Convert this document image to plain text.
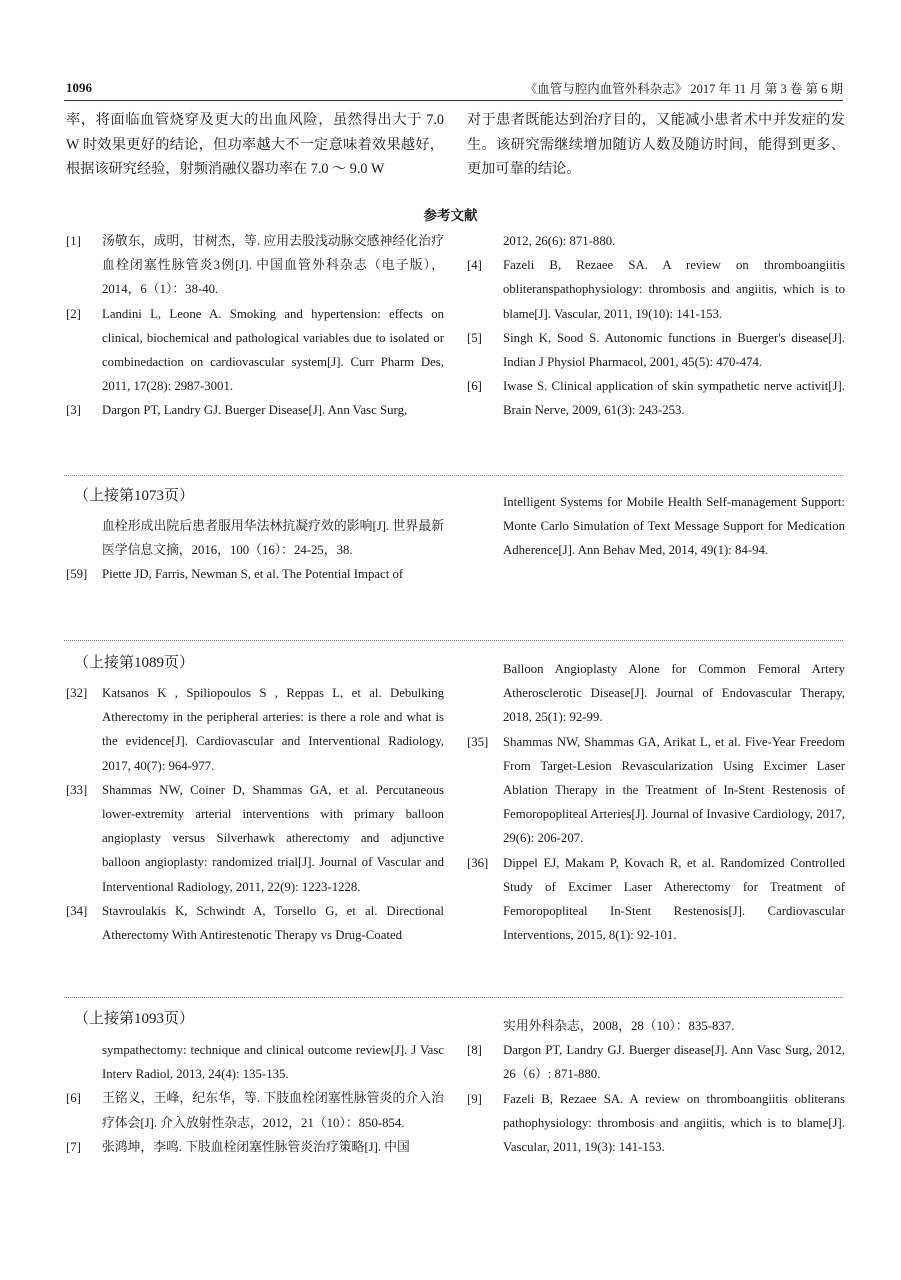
1096	《血管与腔内血管外科杂志》 2017 年 11 月 第 3 卷 第 6 期

率，将面临血管烧穿及更大的出血风险，虽然得出大于 7.0 W 时效果更好的结论，但功率越大不一定意味着效果越好，根据该研究经验，射频消融仪器功率在 7.0 ～ 9.0 W

对于患者既能达到治疗目的，又能减小患者术中并发症的发生。该研究需继续增加随访人数及随访时间，能得到更多、更加可靠的结论。

参考文献
[1] 汤敬东，成明，甘树杰，等. 应用去股浅动脉交感神经化治疗血栓闭塞性脉管炎3例[J]. 中国血管外科杂志（电子版），2014，6（1）：38-40.
[2] Landini L, Leone A. Smoking and hypertension: effects on clinical, biochemical and pathological variables due to isolated or combinedaction on cardiovascular system[J]. Curr Pharm Des, 2011, 17(28): 2987-3001.
[3] Dargon PT, Landry GJ. Buerger Disease[J]. Ann Vasc Surg,
2012, 26(6): 871-880.
[4] Fazeli B, Rezaee SA. A review on thromboangiitis obliteranspathophysiology: thrombosis and angiitis, which is to blame[J]. Vascular, 2011, 19(10): 141-153.
[5] Singh K, Sood S. Autonomic functions in Buerger's disease[J]. Indian J Physiol Pharmacol, 2001, 45(5): 470-474.
[6] Iwase S. Clinical application of skin sympathetic nerve activit[J]. Brain Nerve, 2009, 61(3): 243-253.
（上接第1073页）
血栓形成出院后患者服用华法林抗凝疗效的影响[J]. 世界最新医学信息文摘，2016，100（16）：24-25，38.
[59] Piette JD, Farris, Newman S, et al. The Potential Impact of
Intelligent Systems for Mobile Health Self-management Support: Monte Carlo Simulation of Text Message Support for Medication Adherence[J]. Ann Behav Med, 2014, 49(1): 84-94.
（上接第1089页）
[32] Katsanos K , Spiliopoulos S , Reppas L, et al. Debulking Atherectomy in the peripheral arteries: is there a role and what is the evidence[J]. Cardiovascular and Interventional Radiology, 2017, 40(7): 964-977.
[33] Shammas NW, Coiner D, Shammas GA, et al. Percutaneous lower-extremity arterial interventions with primary balloon angioplasty versus Silverhawk atherectomy and adjunctive balloon angioplasty: randomized trial[J]. Journal of Vascular and Interventional Radiology, 2011, 22(9): 1223-1228.
[34] Stavroulakis K, Schwindt A, Torsello G, et al. Directional Atherectomy With Antirestenotic Therapy vs Drug-Coated
Balloon Angioplasty Alone for Common Femoral Artery Atherosclerotic Disease[J]. Journal of Endovascular Therapy, 2018, 25(1): 92-99.
[35] Shammas NW, Shammas GA, Arikat L, et al. Five-Year Freedom From Target-Lesion Revascularization Using Excimer Laser Ablation Therapy in the Treatment of In-Stent Restenosis of Femoropopliteal Arteries[J]. Journal of Invasive Cardiology, 2017, 29(6): 206-207.
[36] Dippel EJ, Makam P, Kovach R, et al. Randomized Controlled Study of Excimer Laser Atherectomy for Treatment of Femoropopliteal In-Stent Restenosis[J]. Cardiovascular Interventions, 2015, 8(1): 92-101.
（上接第1093页）
sympathectomy: technique and clinical outcome review[J]. J Vasc Interv Radiol, 2013, 24(4): 135-135.
[6] 王铭义，王峰，纪东华，等. 下肢血栓闭塞性脉管炎的介入治疗体会[J]. 介入放射性杂志，2012，21（10）：850-854.
[7] 张鸿坤，李鸣. 下肢血栓闭塞性脉管炎治疗策略[J]. 中国
实用外科杂志，2008，28（10）：835-837.
[8] Dargon PT, Landry GJ. Buerger disease[J]. Ann Vasc Surg, 2012, 26（6）: 871-880.
[9] Fazeli B, Rezaee SA. A review on thromboangiitis obliterans pathophysiology: thrombosis and angiitis, which is to blame[J]. Vascular, 2011, 19(3): 141-153.
